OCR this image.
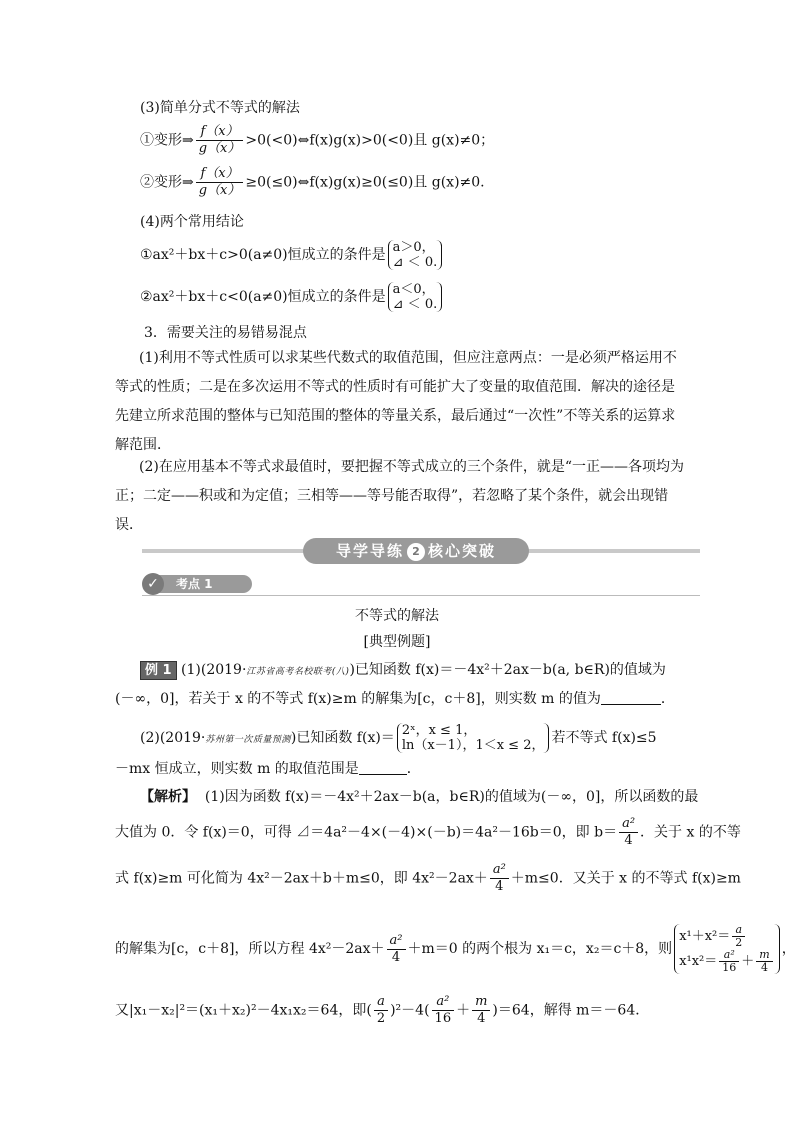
(3)简单分式不等式的解法
①变形⇒ $\frac{f(x)}{g(x)}$ >0(<0)⇔f(x)g(x)>0(<0)且 g(x)≠0；
②变形⇒ $\frac{f(x)}{g(x)}$ ≥0(≤0)⇔f(x)g(x)≥0(≤0)且 g(x)≠0.
(4)两个常用结论
①ax²＋bx＋c>0(a≠0)恒成立的条件是 a＞0，
⊿ ＜ 0.
②ax²＋bx＋c<0(a≠0)恒成立的条件是 a＜0，
⊿ ＜ 0.
3．需要关注的易错易混点
(1)利用不等式性质可以求某些代数式的取值范围，但应注意两点：一是必须严格运用不等式的性质；二是在多次运用不等式的性质时有可能扩大了变量的取值范围．解决的途径是先建立所求范围的整体与已知范围的整体的等量关系，最后通过“一次性”不等关系的运算求解范围．
(2)在应用基本不等式求最值时，要把握不等式成立的三个条件，就是“一正——各项均为正；二定——积或和为定值；三相等——等号能否取得”，若忽略了某个条件，就会出现错误．
导学导练 2 核心突破
考点 1
✓
不等式的解法
[典型例题]
例 1 (1)(2019·江苏省高考名校联考(八))已知函数 f(x)＝－4x²＋2ax－b(a, b∈R)的值域为
(－∞，0]，若关于 x 的不等式 f(x)≥m 的解集为[c，c＋8]，则实数 m 的值为	．
(2)(2019·苏州第一次质量预测)已知函数 f(x)＝ 2ˣ，x ≤ 1，
ln（x－1），1＜x ≤ 2， 若不等式 f(x)≤5
－mx 恒成立，则实数 m 的取值范围是	．
【解析】 (1)因为函数 f(x)＝－4x²＋2ax－b(a，b∈R)的值域为(－∞，0]，所以函数的最
大值为 0．令 f(x)＝0，可得 ⊿＝4a²－4×(－4)×(－b)＝4a²－16b＝0，即 $b= \frac{\text{a²}}{4}$ ．关于 x 的不等
式 f(x)≥m 可化简为 4x²－2ax＋b＋m≤0，即 $4x^2-2ax+ \frac{\text{a²}}{4} +m\le 0$．又关于 x 的不等式 f(x)≥m
的解集为[c，c＋8]，所以方程 $4x^2-2ax+ \frac{\text{a²}}{4} +m=0$ 的两个根为 x₁＝c，x₂＝c＋8，则
$x^1+x^2= \frac{a}{2}$
$x^1x^2= \frac{\text{a²}}{16} + \frac{m}{4}$ ，
又|x₁－x₂|²＝(x₁＋x₂)²－4x₁x₂＝64，即( $\frac{a}{2} )^2-4( \frac{\text{a²}}{16} + \frac{m}{4} )=64$，解得 m＝－64．
